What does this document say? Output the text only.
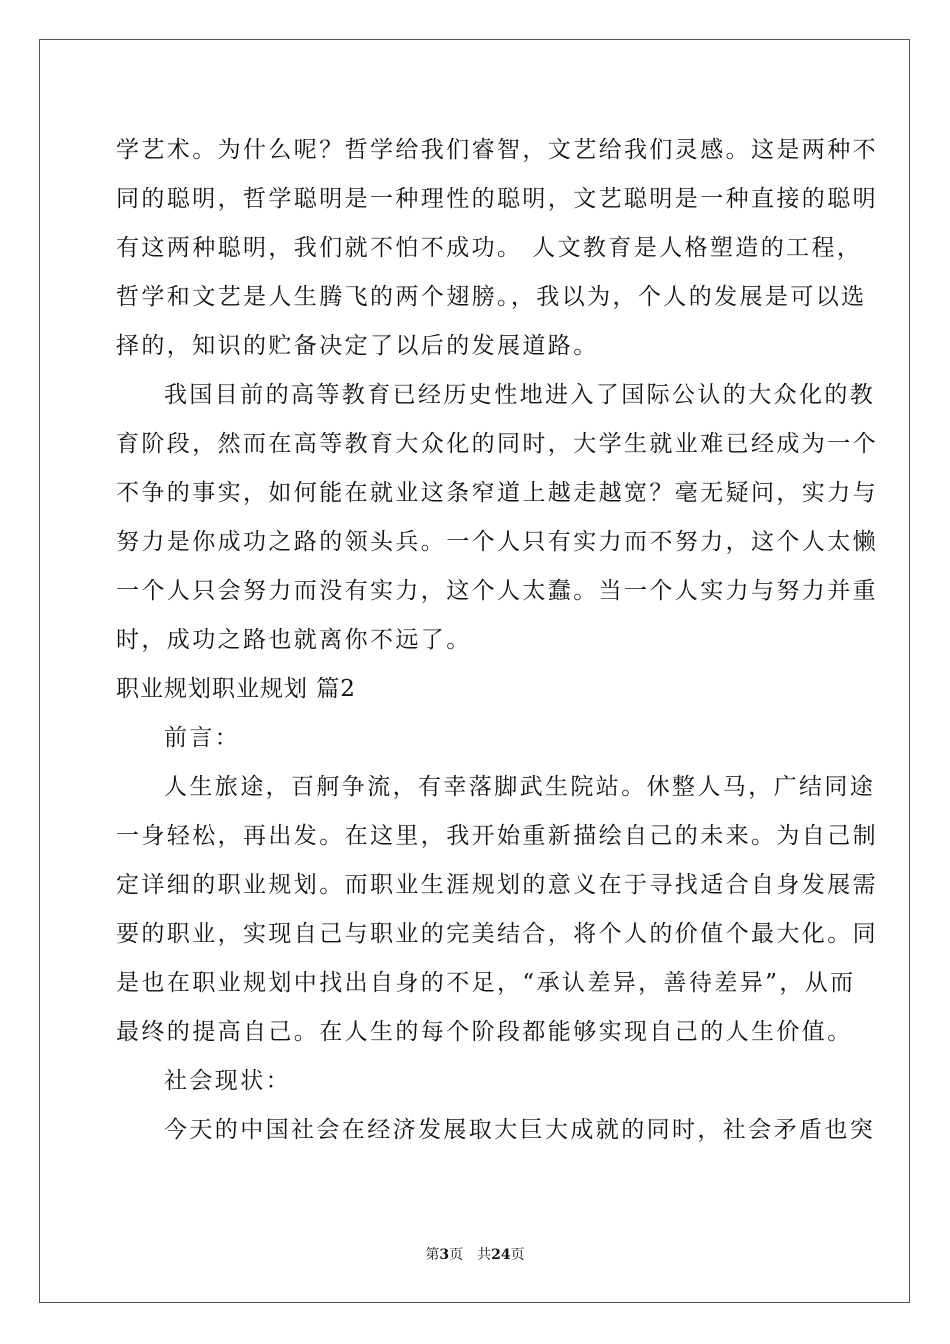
学艺术。为什么呢？哲学给我们睿智，文艺给我们灵感。这是两种不
同的聪明，哲学聪明是一种理性的聪明，文艺聪明是一种直接的聪明
有这两种聪明，我们就不怕不成功。 人文教育是人格塑造的工程，
哲学和文艺是人生腾飞的两个翅膀。，我以为，个人的发展是可以选
择的，知识的贮备决定了以后的发展道路。
我国目前的高等教育已经历史性地进入了国际公认的大众化的教
育阶段，然而在高等教育大众化的同时，大学生就业难已经成为一个
不争的事实，如何能在就业这条窄道上越走越宽？毫无疑问，实力与
努力是你成功之路的领头兵。一个人只有实力而不努力，这个人太懒
一个人只会努力而没有实力，这个人太蠢。当一个人实力与努力并重
时，成功之路也就离你不远了。
职业规划职业规划 篇2
前言：
人生旅途，百舸争流，有幸落脚武生院站。休整人马，广结同途
一身轻松，再出发。在这里，我开始重新描绘自己的未来。为自己制
定详细的职业规划。而职业生涯规划的意义在于寻找适合自身发展需
要的职业，实现自己与职业的完美结合，将个人的价值个最大化。同
是也在职业规划中找出自身的不足，“承认差异，善待差异”，从而
最终的提高自己。在人生的每个阶段都能够实现自己的人生价值。
社会现状：
今天的中国社会在经济发展取大巨大成就的同时，社会矛盾也突
第3页 共24页
